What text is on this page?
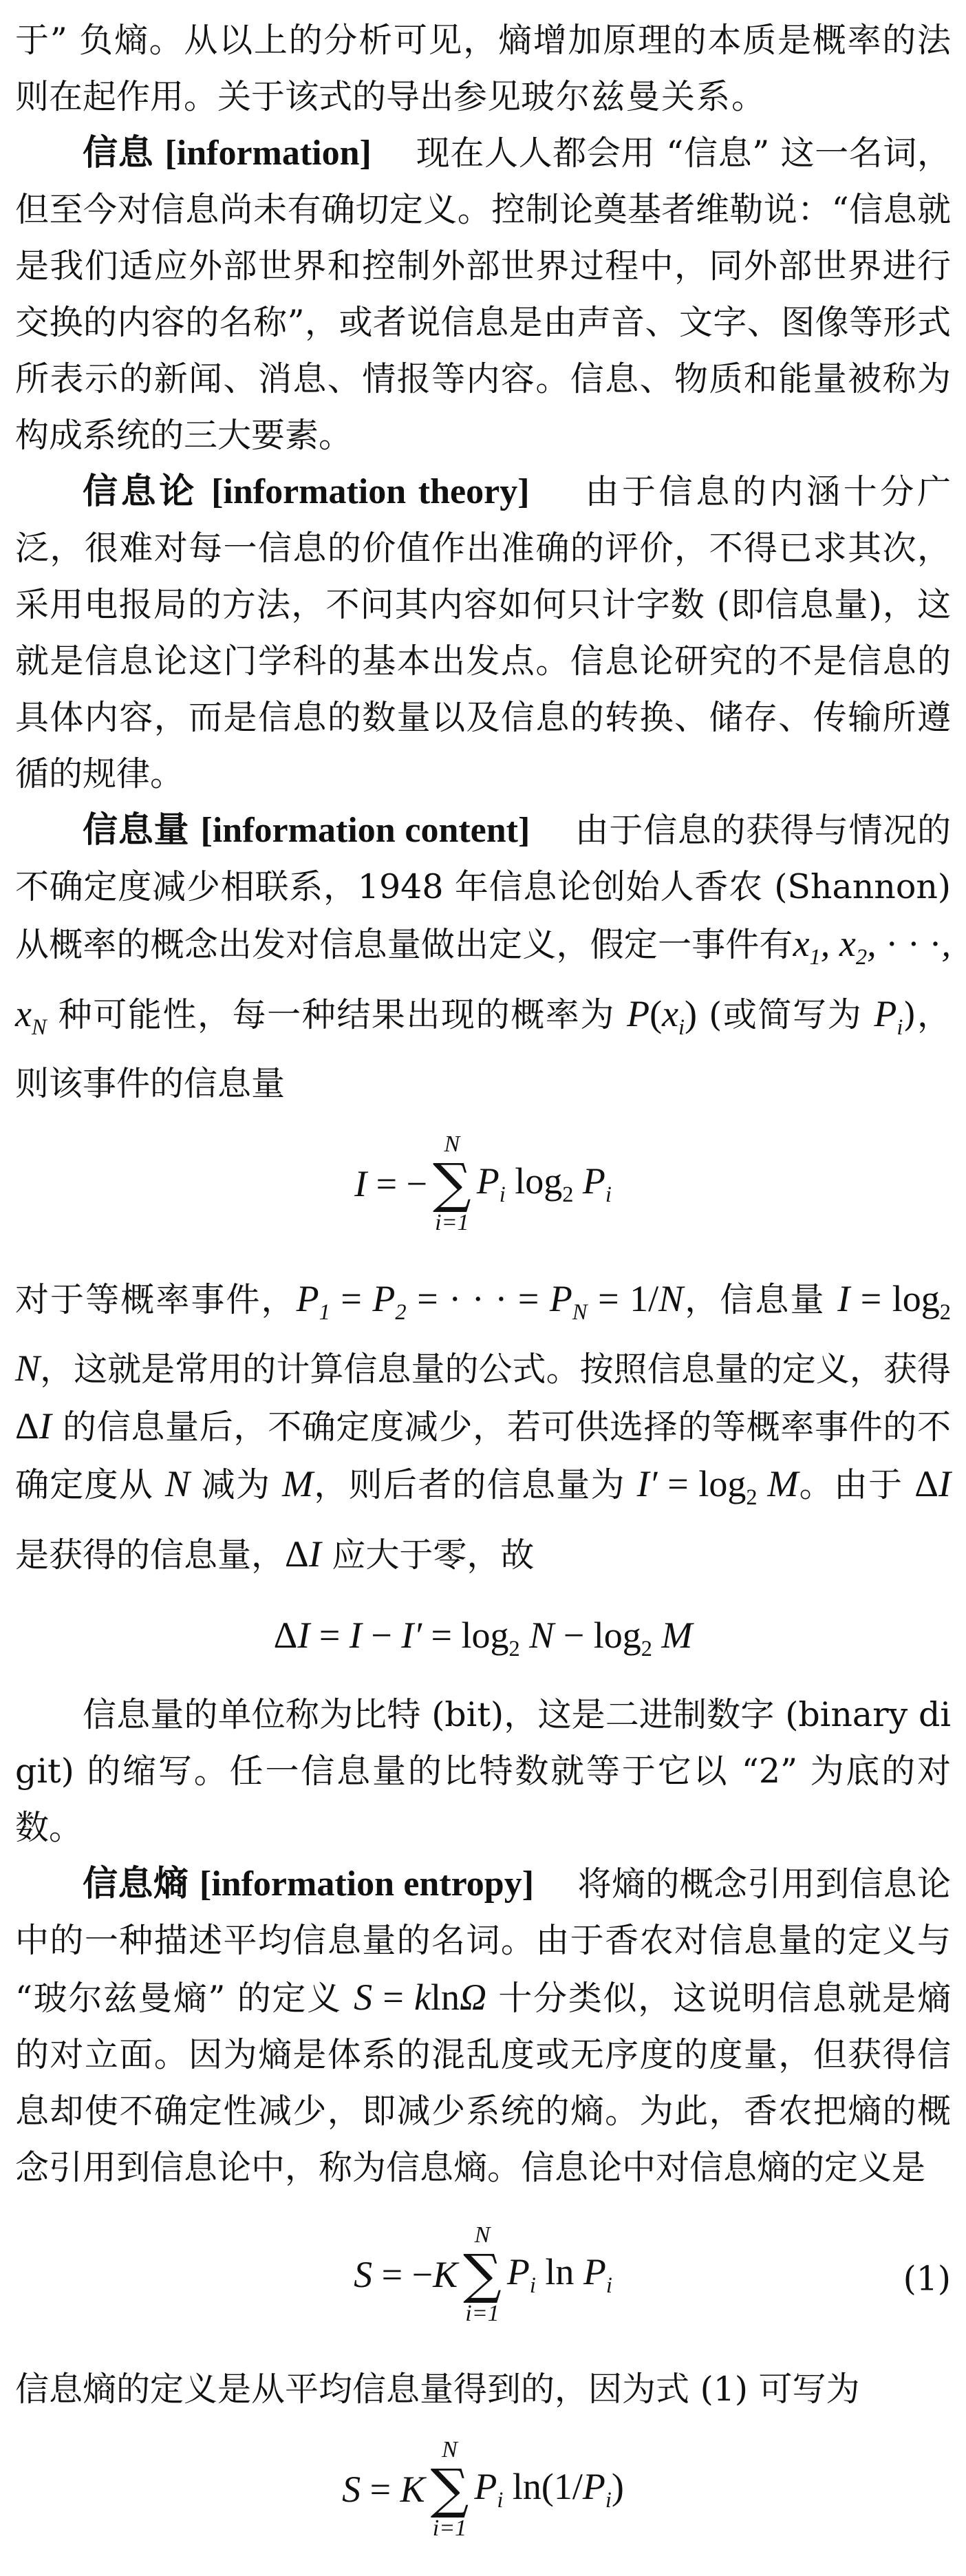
于” 负熵。从以上的分析可见，熵增加原理的本质是概率的法则在起作用。关于该式的导出参见玻尔兹曼关系。

信息 [information] 现在人人都会用 “信息” 这一名词，但至今对信息尚未有确切定义。控制论奠基者维勒说：“信息就是我们适应外部世界和控制外部世界过程中，同外部世界进行交换的内容的名称”，或者说信息是由声音、文字、图像等形式所表示的新闻、消息、情报等内容。信息、物质和能量被称为构成系统的三大要素。

信息论 [information theory] 由于信息的内涵十分广泛，很难对每一信息的价值作出准确的评价，不得已求其次，采用电报局的方法，不问其内容如何只计字数 (即信息量)，这就是信息论这门学科的基本出发点。信息论研究的不是信息的具体内容，而是信息的数量以及信息的转换、储存、传输所遵循的规律。

信息量 [information content] 由于信息的获得与情况的不确定度减少相联系，1948 年信息论创始人香农 (Shannon) 从概率的概念出发对信息量做出定义，假定一事件有$x_1$, $x_2$, · · ·, $x_N$ 种可能性，每一种结果出现的概率为 $P(x_i)$ (或简写为 $P_i$)，则该事件的信息量

I = −
N
∑
i=1
$P_i$ $\log_2 P_i$

对于等概率事件，$P_1 = P_2$ = · · · = $P_N = 1/N$，信息量 $I = \log_2 N$，这就是常用的计算信息量的公式。按照信息量的定义，获得 ΔI 的信息量后，不确定度减少，若可供选择的等概率事件的不确定度从 N 减为 M，则后者的信息量为 $I' = \log_2 M$。由于 ΔI 是获得的信息量，ΔI 应大于零，故

$\Delta I = I - I' = \log_2 N - \log_2 M$

信息量的单位称为比特 (bit)，这是二进制数字 (binary digit) 的缩写。任一信息量的比特数就等于它以 “2” 为底的对数。

信息熵 [information entropy] 将熵的概念引用到信息论中的一种描述平均信息量的名词。由于香农对信息量的定义与 “玻尔兹曼熵” 的定义 S = klnΩ 十分类似，这说明信息就是熵的对立面。因为熵是体系的混乱度或无序度的度量，但获得信息却使不确定性减少，即减少系统的熵。为此，香农把熵的概念引用到信息论中，称为信息熵。信息论中对信息熵的定义是

S = −K
N
∑
i=1
$P_i$ $\ln P_i$	(1)

信息熵的定义是从平均信息量得到的，因为式 (1) 可写为

S = K
N
∑
i=1
$P_i$ $\ln(1/P_i)$
